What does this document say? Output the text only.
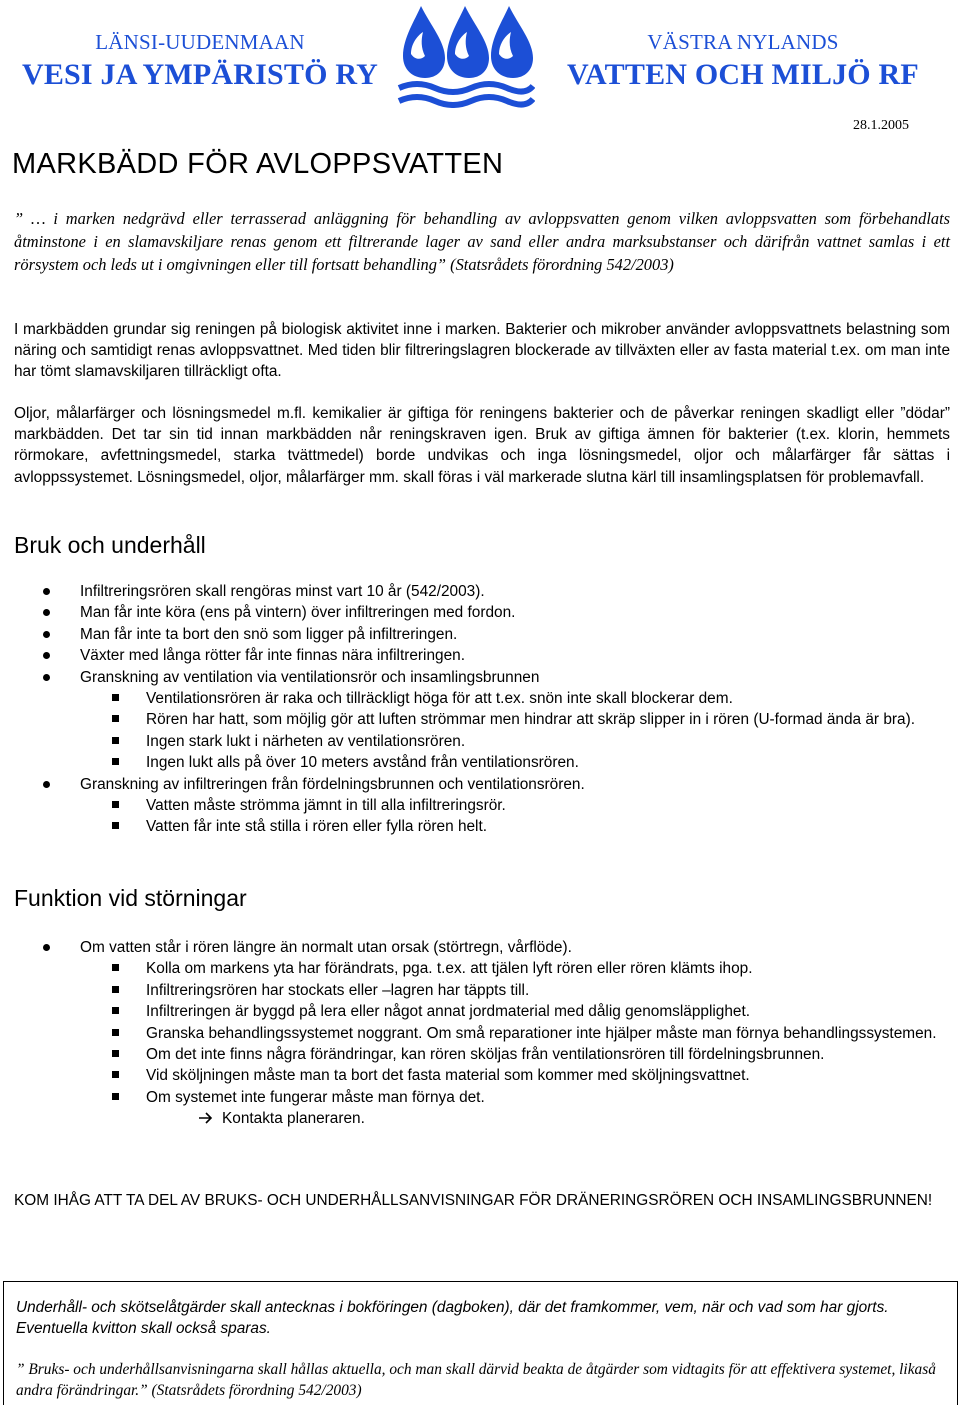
LÄNSI-UUDENMAAN
VESI JA YMPÄRISTÖ RY
VÄSTRA NYLANDS
VATTEN OCH MILJÖ RF
28.1.2005
MARKBÄDD FÖR AVLOPPSVATTEN

” … i marken nedgrävd eller terrasserad anläggning för behandling av avloppsvatten genom vilken avloppsvatten som förbehandlats åtminstone i en slamavskiljare renas genom ett filtrerande lager av sand eller andra marksubstanser och därifrån vattnet samlas i ett rörsystem och leds ut i omgivningen eller till fortsatt behandling” (Statsrådets förordning 542/2003)

I markbädden grundar sig reningen på biologisk aktivitet inne i marken. Bakterier och mikrober använder avloppsvattnets belastning som näring och samtidigt renas avloppsvattnet. Med tiden blir filtreringslagren blockerade av tillväxten eller av fasta material t.ex. om man inte har tömt slamavskiljaren tillräckligt ofta.

Oljor, målarfärger och lösningsmedel m.fl. kemikalier är giftiga för reningens bakterier och de påverkar reningen skadligt eller ”dödar” markbädden. Det tar sin tid innan markbädden når reningskraven igen. Bruk av giftiga ämnen för bakterier (t.ex. klorin, hemmets rörmokare, avfettningsmedel, starka tvättmedel) borde undvikas och inga lösningsmedel, oljor och målarfärger får sättas i avloppssystemet. Lösningsmedel, oljor, målarfärger mm. skall föras i väl markerade slutna kärl till insamlingsplatsen för problemavfall.

Bruk och underhåll
Infiltreringsrören skall rengöras minst vart 10 år (542/2003).
Man får inte köra (ens på vintern) över infiltreringen med fordon.
Man får inte ta bort den snö som ligger på infiltreringen.
Växter med långa rötter får inte finnas nära infiltreringen.
Granskning av ventilation via ventilationsrör och insamlingsbrunnen
Ventilationsrören är raka och tillräckligt höga för att t.ex. snön inte skall blockerar dem.
Rören har hatt, som möjlig gör att luften strömmar men hindrar att skräp slipper in i rören (U-formad ända är bra).
Ingen stark lukt i närheten av ventilationsrören.
Ingen lukt alls på över 10 meters avstånd från ventilationsrören.
Granskning av infiltreringen från fördelningsbrunnen och ventilationsrören.
Vatten måste strömma jämnt in till alla infiltreringsrör.
Vatten får inte stå stilla i rören eller fylla rören helt.
Funktion vid störningar
Om vatten står i rören längre än normalt utan orsak (störtregn, vårflöde).
Kolla om markens yta har förändrats, pga. t.ex. att tjälen lyft rören eller rören klämts ihop.
Infiltreringsrören har stockats eller –lagren har täppts till.
Infiltreringen är byggd på lera eller något annat jordmaterial med dålig genomsläpplighet.
Granska behandlingssystemet noggrant. Om små reparationer inte hjälper måste man förnya behandlingssystemen.
Om det inte finns några förändringar, kan rören sköljas från ventilationsrören till fördelningsbrunnen.
Vid sköljningen måste man ta bort det fasta material som kommer med sköljningsvattnet.
Om systemet inte fungerar måste man förnya det.
Kontakta planeraren.

KOM IHÅG ATT TA DEL AV BRUKS- OCH UNDERHÅLLSANVISNINGAR FÖR DRÄNERINGSRÖREN OCH INSAMLINGSBRUNNEN!

Underhåll- och skötselåtgärder skall antecknas i bokföringen (dagboken), där det framkommer, vem, när och vad som har gjorts. Eventuella kvitton skall också sparas.

” Bruks- och underhållsanvisningarna skall hållas aktuella, och man skall därvid beakta de åtgärder som vidtagits för att effektivera systemet, likaså andra förändringar.” (Statsrådets förordning 542/2003)
